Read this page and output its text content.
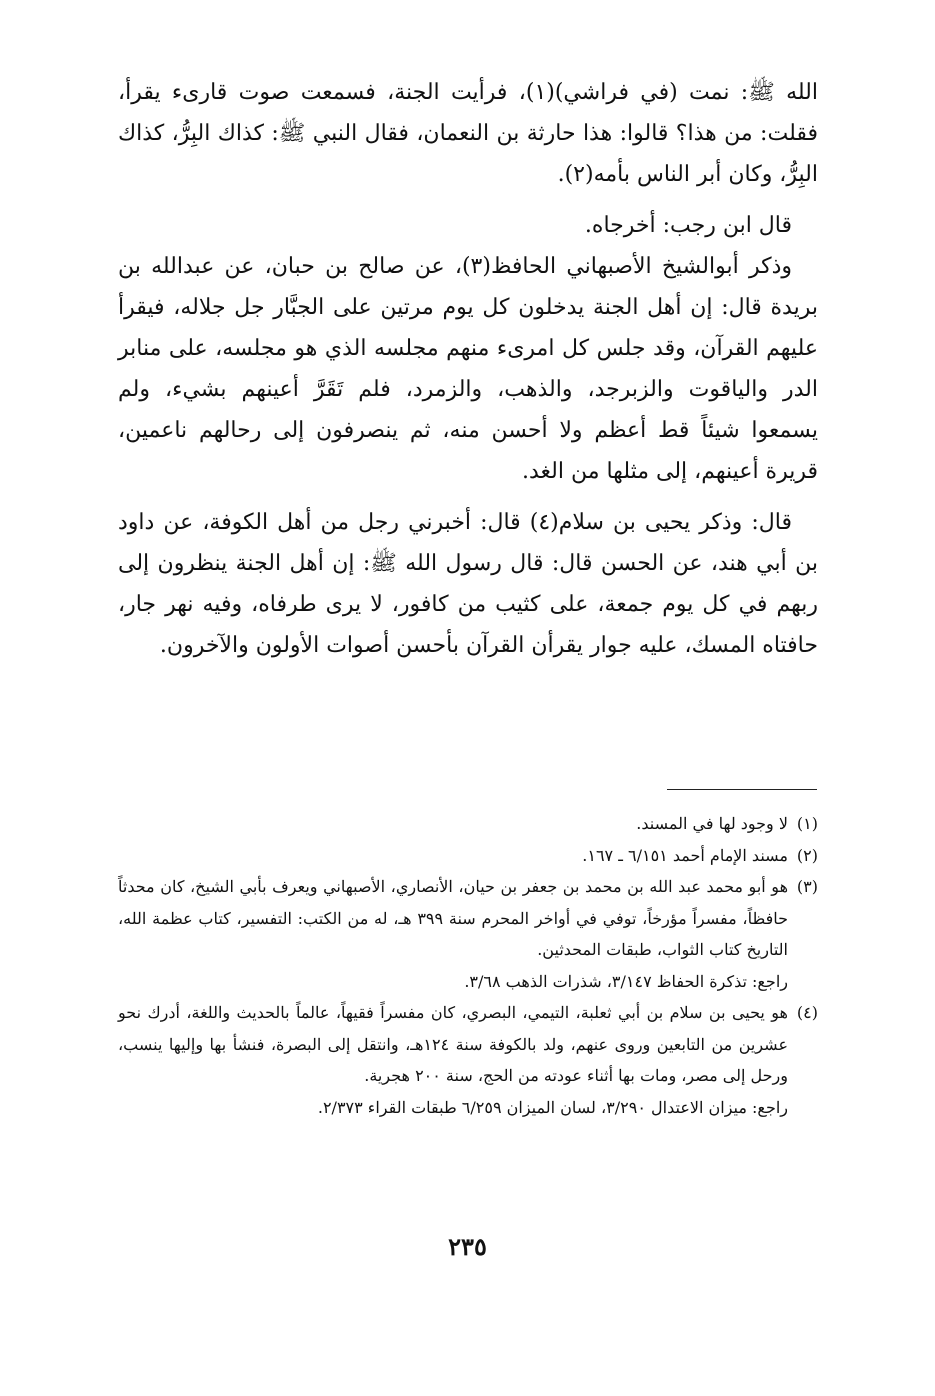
الله ﷺ: نمت (في فراشي)(١)، فرأيت الجنة، فسمعت صوت قارىء يقرأ، فقلت: من هذا؟ قالوا: هذا حارثة بن النعمان، فقال النبي ﷺ: كذاك البِرُّ، كذاك البِرُّ، وكان أبر الناس بأمه(٢).

قال ابن رجب: أخرجاه.

وذكر أبوالشيخ الأصبهاني الحافظ(٣)، عن صالح بن حبان، عن عبدالله بن بريدة قال: إن أهل الجنة يدخلون كل يوم مرتين على الجبَّار جل جلاله، فيقرأ عليهم القرآن، وقد جلس كل امرىء منهم مجلسه الذي هو مجلسه، على منابر الدر والياقوت والزبرجد، والذهب، والزمرد، فلم تَقَرَّ أعينهم بشيء، ولم يسمعوا شيئاً قط أعظم ولا أحسن منه، ثم ينصرفون إلى رحالهم ناعمين، قريرة أعينهم، إلى مثلها من الغد.

قال: وذكر يحيى بن سلام(٤) قال: أخبرني رجل من أهل الكوفة، عن داود بن أبي هند، عن الحسن قال: قال رسول الله ﷺ: إن أهل الجنة ينظرون إلى ربهم في كل يوم جمعة، على كثيب من كافور، لا يرى طرفاه، وفيه نهر جار، حافتاه المسك، عليه جوار يقرأن القرآن بأحسن أصوات الأولون والآخرون.

(١)
لا وجود لها في المسند.
(٢)
مسند الإمام أحمد ٦/١٥١ ـ ١٦٧.
(٣)
هو أبو محمد عبد الله بن محمد بن جعفر بن حيان، الأنصاري، الأصبهاني ويعرف بأبي الشيخ، كان محدثاً حافظاً، مفسراً مؤرخاً، توفي في أواخر المحرم سنة ٣٩٩ هـ، له من الكتب: التفسير، كتاب عظمة الله، التاريخ كتاب الثواب، طبقات المحدثين.
راجع: تذكرة الحفاظ ٣/١٤٧، شذرات الذهب ٣/٦٨.
(٤)
هو يحيى بن سلام بن أبي ثعلبة، التيمي، البصري، كان مفسراً فقيهاً، عالماً بالحديث واللغة، أدرك نحو عشرين من التابعين وروى عنهم، ولد بالكوفة سنة ١٢٤هـ، وانتقل إلى البصرة، فنشأ بها وإليها ينسب، ورحل إلى مصر، ومات بها أثناء عودته من الحج، سنة ٢٠٠ هجرية.
راجع: ميزان الاعتدال ٣/٢٩٠، لسان الميزان ٦/٢٥٩ طبقات القراء ٢/٣٧٣.
٢٣٥
